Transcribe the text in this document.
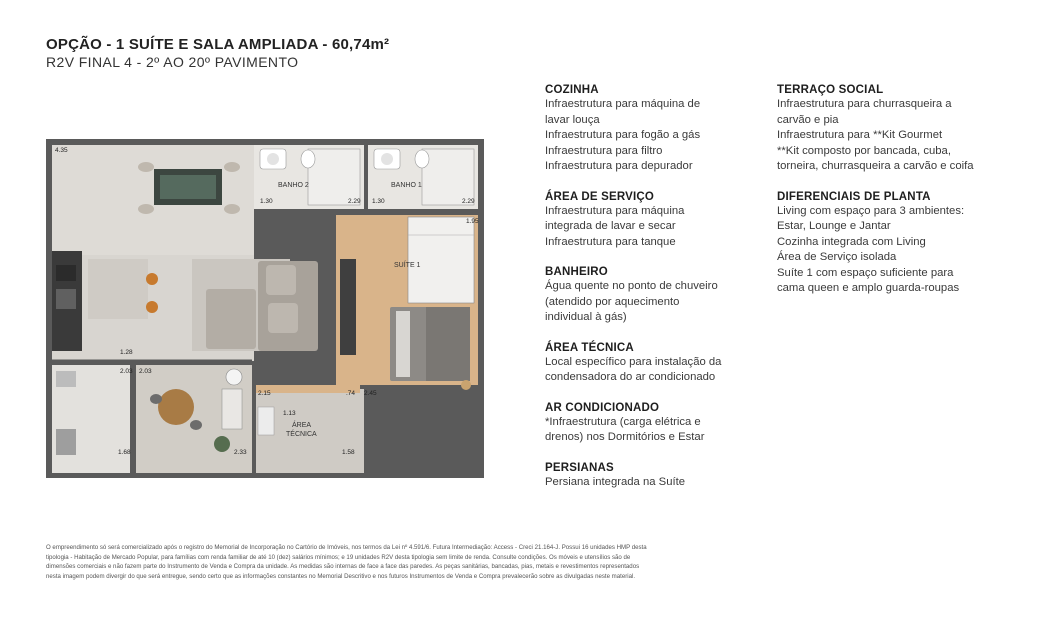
OPÇÃO - 1 SUÍTE E SALA AMPLIADA - 60,74m²
R2V FINAL 4 - 2º AO 20º PAVIMENTO
BANHO 2	BANHO 1
SUÍTE 1
ÁREA
TÉCNICA
4.35
1.30	2.29 1.30	2.29
1.95
1.28
2.03 2.03
2.15
1.13
2.45
.74
1.68	2.33	1.58
COZINHA
Infraestrutura para máquina de
lavar louça
Infraestrutura para fogão a gás
Infraestrutura para filtro
Infraestrutura para depurador
ÁREA DE SERVIÇO
Infraestrutura para máquina
integrada de lavar e secar
Infraestrutura para tanque
BANHEIRO
Água quente no ponto de chuveiro
(atendido por aquecimento
individual à gás)
ÁREA TÉCNICA
Local específico para instalação da
condensadora do ar condicionado
AR CONDICIONADO
*Infraestrutura (carga elétrica e
drenos) nos Dormitórios e Estar
PERSIANAS
Persiana integrada na Suíte
TERRAÇO SOCIAL
Infraestrutura para churrasqueira a
carvão e pia
Infraestrutura para **Kit Gourmet
**Kit composto por bancada, cuba,
torneira, churrasqueira a carvão e coifa
DIFERENCIAIS DE PLANTA
Living com espaço para 3 ambientes:
Estar, Lounge e Jantar
Cozinha integrada com Living
Área de Serviço isolada
Suíte 1 com espaço suficiente para
cama queen e amplo guarda-roupas
O empreendimento só será comercializado após o registro do Memorial de Incorporação no Cartório de Imóveis, nos termos da Lei nº 4.591/6. Futura Intermediação: Access - Creci 21.164-J. Possui 16 unidades HMP desta
tipologia - Habitação de Mercado Popular, para famílias com renda familiar de até 10 (dez) salários mínimos; e 19 unidades R2V desta tipologia sem limite de renda. Consulte condições. Os móveis e utensílios são de
dimensões comerciais e não fazem parte do Instrumento de Venda e Compra da unidade. As medidas são internas de face a face das paredes. As peças sanitárias, bancadas, pias, metais e revestimentos representados
nesta imagem podem divergir do que será entregue, sendo certo que as informações constantes no Memorial Descritivo e nos futuros Instrumentos de Venda e Compra prevalecerão sobre as divulgadas neste material.
